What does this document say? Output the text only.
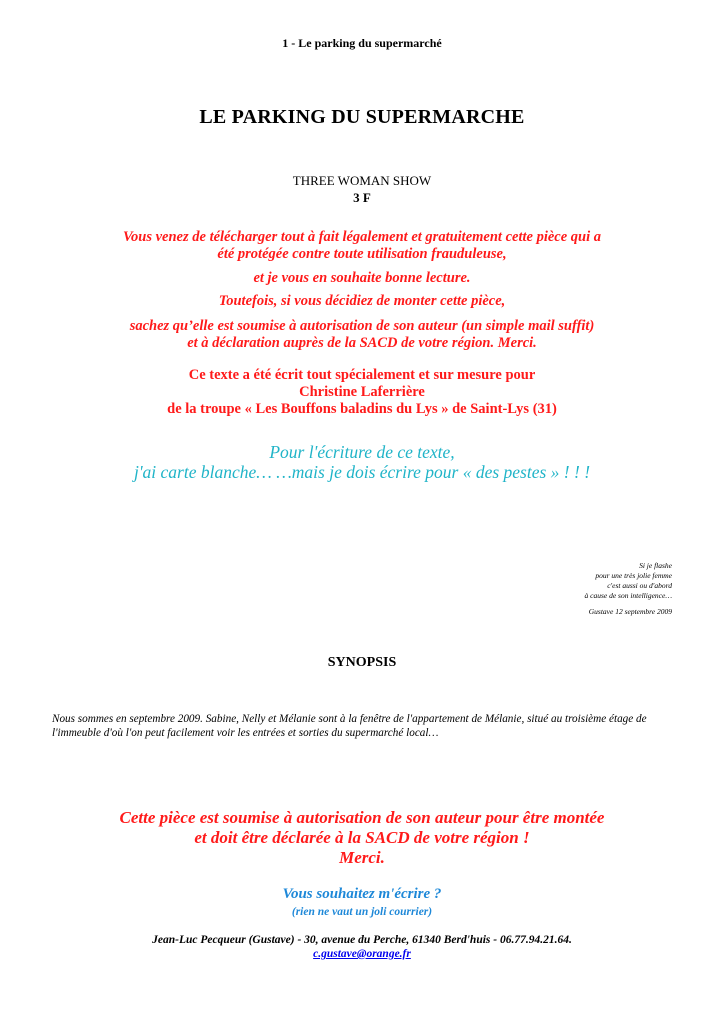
1 - Le parking du supermarché
LE PARKING DU SUPERMARCHE
THREE WOMAN SHOW
3 F
Vous venez de télécharger tout à fait légalement et gratuitement cette pièce qui a
été protégée contre toute utilisation frauduleuse,
et je vous en souhaite bonne lecture.
Toutefois, si vous décidiez de monter cette pièce,
sachez qu’elle est soumise à autorisation de son auteur (un simple mail suffit)
et à déclaration auprès de la SACD de votre région. Merci.
Ce texte a été écrit tout spécialement et sur mesure pour
Christine Laferrière
de la troupe « Les Bouffons baladins du Lys » de Saint-Lys (31)
Pour l'écriture de ce texte,
j'ai carte blanche… …mais je dois écrire pour « des pestes » ! ! !
Si je flashe
pour une très jolie femme
c'est aussi ou d'abord
à cause de son intelligence…
Gustave 12 septembre 2009
SYNOPSIS
Nous sommes en septembre 2009. Sabine, Nelly et Mélanie sont à la fenêtre de l'appartement de Mélanie, situé au troisième étage de l'immeuble d'où l'on peut facilement voir les entrées et sorties du supermarché local…
Cette pièce est soumise à autorisation de son auteur pour être montée
et doit être déclarée à la SACD de votre région !
Merci.
Vous souhaitez m'écrire ?
(rien ne vaut un joli courrier)
Jean-Luc Pecqueur (Gustave) - 30, avenue du Perche, 61340 Berd'huis - 06.77.94.21.64.
c.gustave@orange.fr
